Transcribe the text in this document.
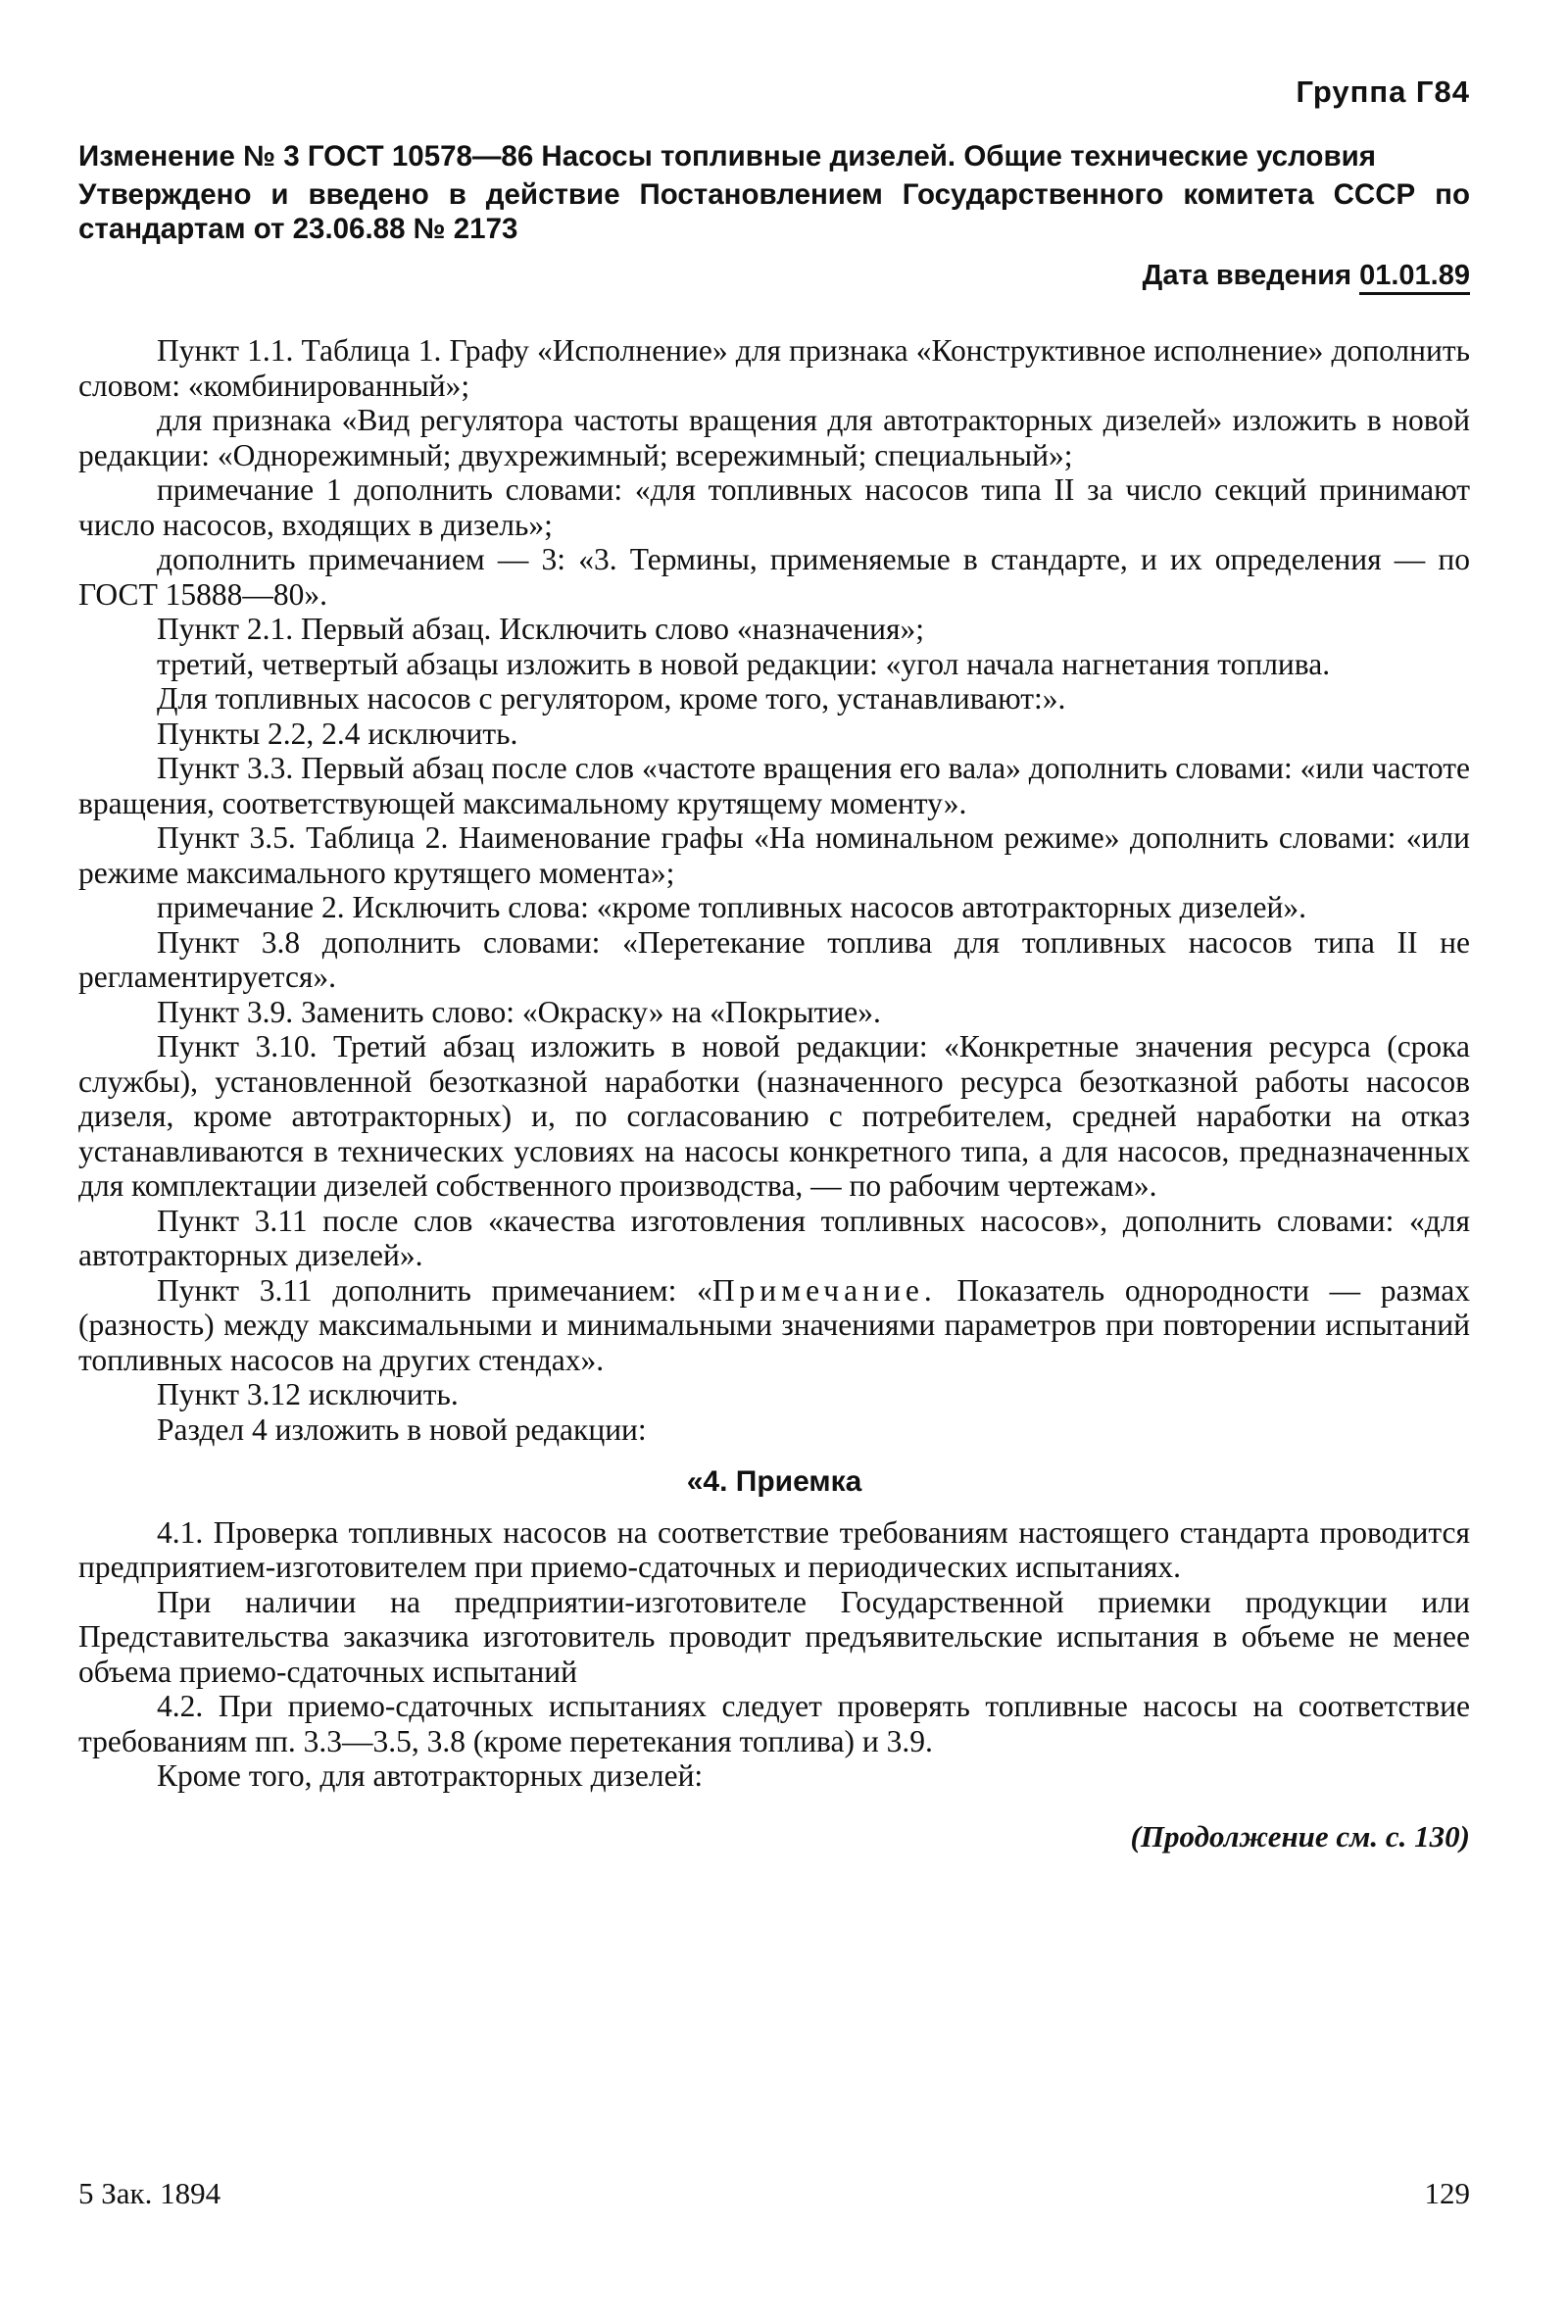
Группа Г84
Изменение № 3 ГОСТ 10578—86 Насосы топливные дизелей. Общие технические условия
Утверждено и введено в действие Постановлением Государственного комитета СССР по стандартам от 23.06.88 № 2173
Дата введения 01.01.89

Пункт 1.1. Таблица 1. Графу «Исполнение» для признака «Конструктивное исполнение» дополнить словом: «комбинированный»;

для признака «Вид регулятора частоты вращения для автотракторных дизелей» изложить в новой редакции: «Однорежимный; двухрежимный; всережимный; специальный»;

примечание 1 дополнить словами: «для топливных насосов типа II за число секций принимают число насосов, входящих в дизель»;

дополнить примечанием — 3: «3. Термины, применяемые в стандарте, и их определения — по ГОСТ 15888—80».

Пункт 2.1. Первый абзац. Исключить слово «назначения»;

третий, четвертый абзацы изложить в новой редакции: «угол начала нагнетания топлива.

Для топливных насосов с регулятором, кроме того, устанавливают:».

Пункты 2.2, 2.4 исключить.

Пункт 3.3. Первый абзац после слов «частоте вращения его вала» дополнить словами: «или частоте вращения, соответствующей максимальному крутящему моменту».

Пункт 3.5. Таблица 2. Наименование графы «На номинальном режиме» дополнить словами: «или режиме максимального крутящего момента»;

примечание 2. Исключить слова: «кроме топливных насосов автотракторных дизелей».

Пункт 3.8 дополнить словами: «Перетекание топлива для топливных насосов типа II не регламентируется».

Пункт 3.9. Заменить слово: «Окраску» на «Покрытие».

Пункт 3.10. Третий абзац изложить в новой редакции: «Конкретные значения ресурса (срока службы), установленной безотказной наработки (назначенного ресурса безотказной работы насосов дизеля, кроме автотракторных) и, по согласованию с потребителем, средней наработки на отказ устанавливаются в технических условиях на насосы конкретного типа, а для насосов, предназначенных для комплектации дизелей собственного производства, — по рабочим чертежам».

Пункт 3.11 после слов «качества изготовления топливных насосов», дополнить словами: «для автотракторных дизелей».

Пункт 3.11 дополнить примечанием: «Примечание. Показатель однородности — размах (разность) между максимальными и минимальными значениями параметров при повторении испытаний топливных насосов на других стендах».

Пункт 3.12 исключить.

Раздел 4 изложить в новой редакции:

«4. Приемка

4.1. Проверка топливных насосов на соответствие требованиям настоящего стандарта проводится предприятием-изготовителем при приемо-сдаточных и периодических испытаниях.

При наличии на предприятии-изготовителе Государственной приемки продукции или Представительства заказчика изготовитель проводит предъявительские испытания в объеме не менее объема приемо-сдаточных испытаний

4.2. При приемо-сдаточных испытаниях следует проверять топливные насосы на соответствие требованиям пп. 3.3—3.5, 3.8 (кроме перетекания топлива) и 3.9.

Кроме того, для автотракторных дизелей:

(Продолжение см. с. 130)
5 Зак. 1894	129
